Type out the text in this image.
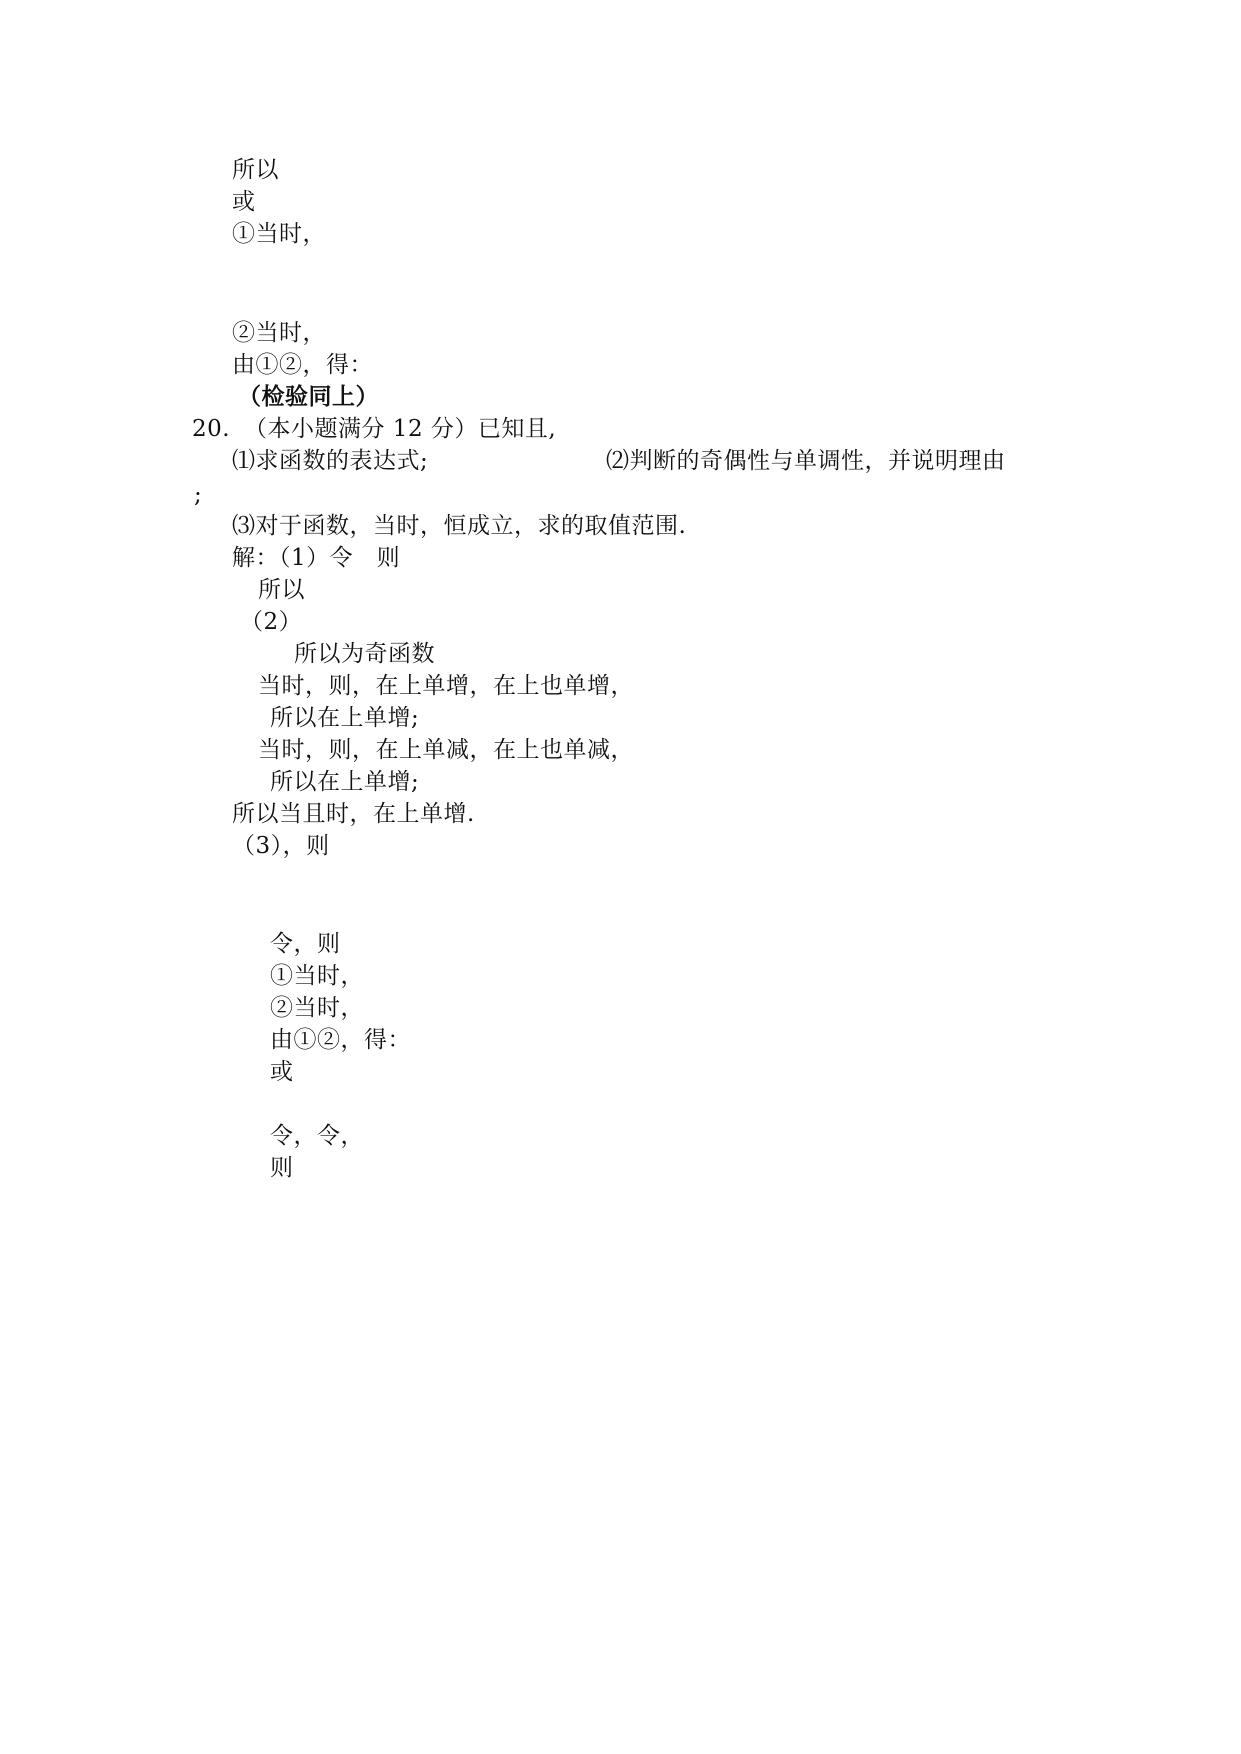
所以
或
①当时，
②当时，
由①②，得：
（检验同上）
20. （本小题满分 12 分）已知且,
⑴求函数的表达式;	⑵判断的奇偶性与单调性，并说明理由
;
⑶对于函数，当时，恒成立，求的取值范围.
解：（1）令　则
所以
（2）
所以为奇函数
当时，则，在上单增，在上也单增，
所以在上单增;
当时，则，在上单减，在上也单减，
所以在上单增;
所以当且时，在上单增.
（3），则
令，则
①当时，
②当时，
由①②，得：
或
令，令，
则
